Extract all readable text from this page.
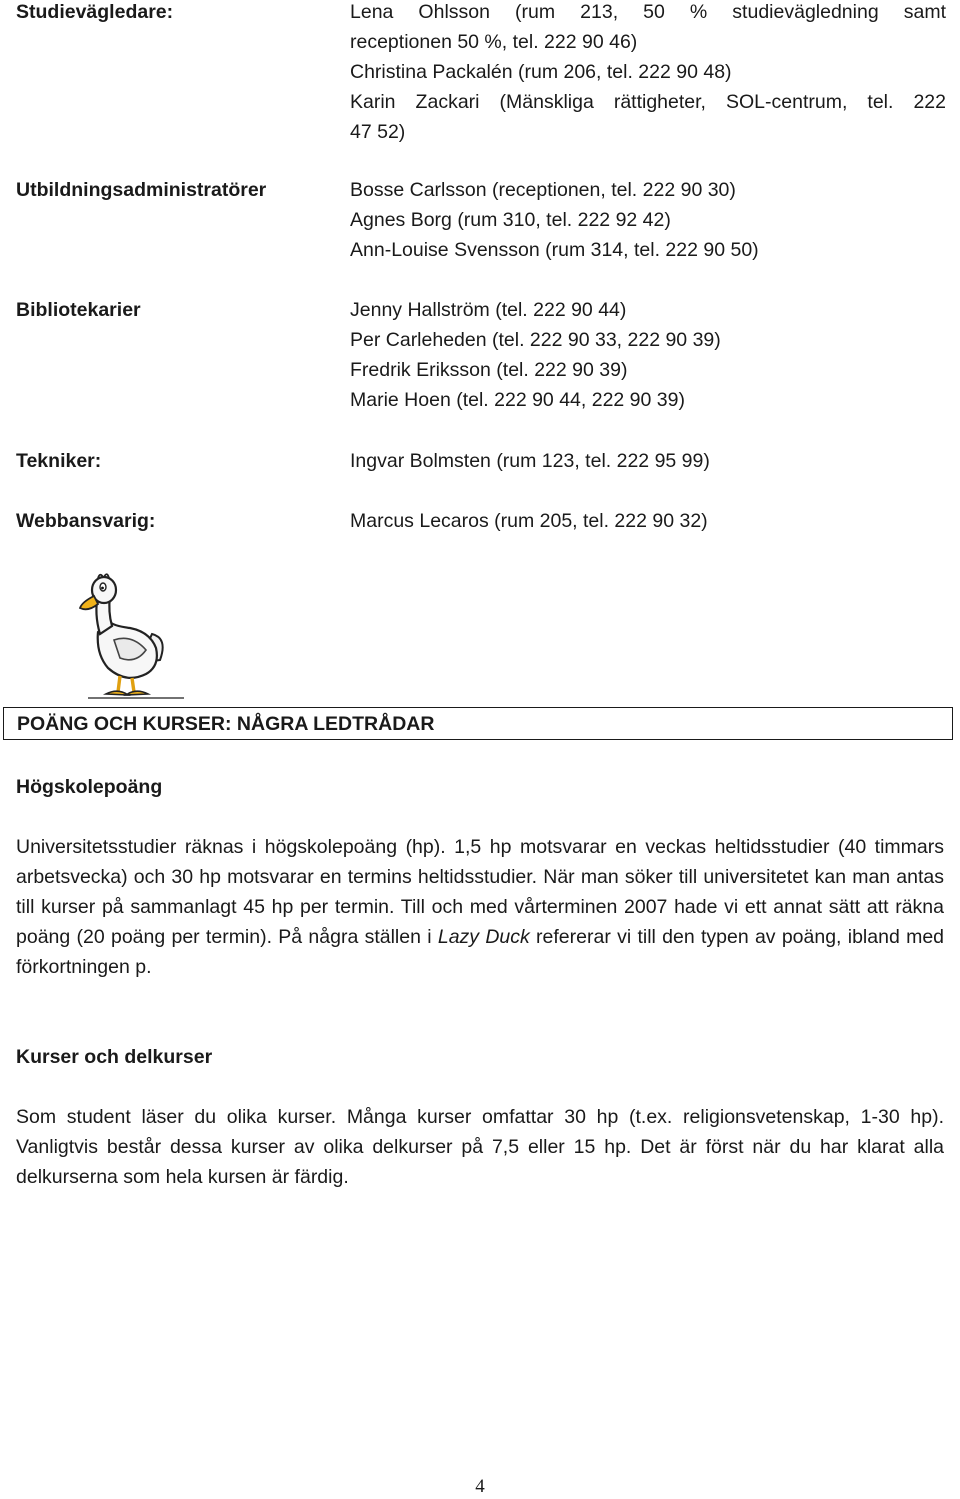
Studievägledare:	Lena Ohlsson (rum 213, 50 % studievägledning samt
receptionen 50 %, tel. 222 90 46)
Christina Packalén (rum 206, tel. 222 90 48)
Karin Zackari (Mänskliga rättigheter, SOL-centrum, tel. 222
47 52)
Utbildningsadministratörer	Bosse Carlsson (receptionen, tel. 222 90 30)
Agnes Borg (rum 310, tel. 222 92 42)
Ann-Louise Svensson (rum 314, tel. 222 90 50)
Bibliotekarier	Jenny Hallström (tel. 222 90 44)
Per Carleheden (tel. 222 90 33, 222 90 39)
Fredrik Eriksson (tel. 222 90 39)
Marie Hoen (tel. 222 90 44, 222 90 39)
Tekniker:	Ingvar Bolmsten (rum 123, tel. 222 95 99)
Webbansvarig:	Marcus Lecaros (rum 205, tel. 222 90 32)
POÄNG OCH KURSER: NÅGRA LEDTRÅDAR
Högskolepoäng
Universitetsstudier räknas i högskolepoäng (hp). 1,5 hp motsvarar en veckas heltidsstudier (40 timmars arbetsvecka) och 30 hp motsvarar en termins heltidsstudier. När man söker till universitetet kan man antas till kurser på sammanlagt 45 hp per termin. Till och med vårterminen 2007 hade vi ett annat sätt att räkna poäng (20 poäng per termin). På några ställen i Lazy Duck refererar vi till den typen av poäng, ibland med förkortningen p.
Kurser och delkurser
Som student läser du olika kurser. Många kurser omfattar 30 hp (t.ex. religionsvetenskap, 1-30 hp). Vanligtvis består dessa kurser av olika delkurser på 7,5 eller 15 hp. Det är först när du har klarat alla delkurserna som hela kursen är färdig.
4
